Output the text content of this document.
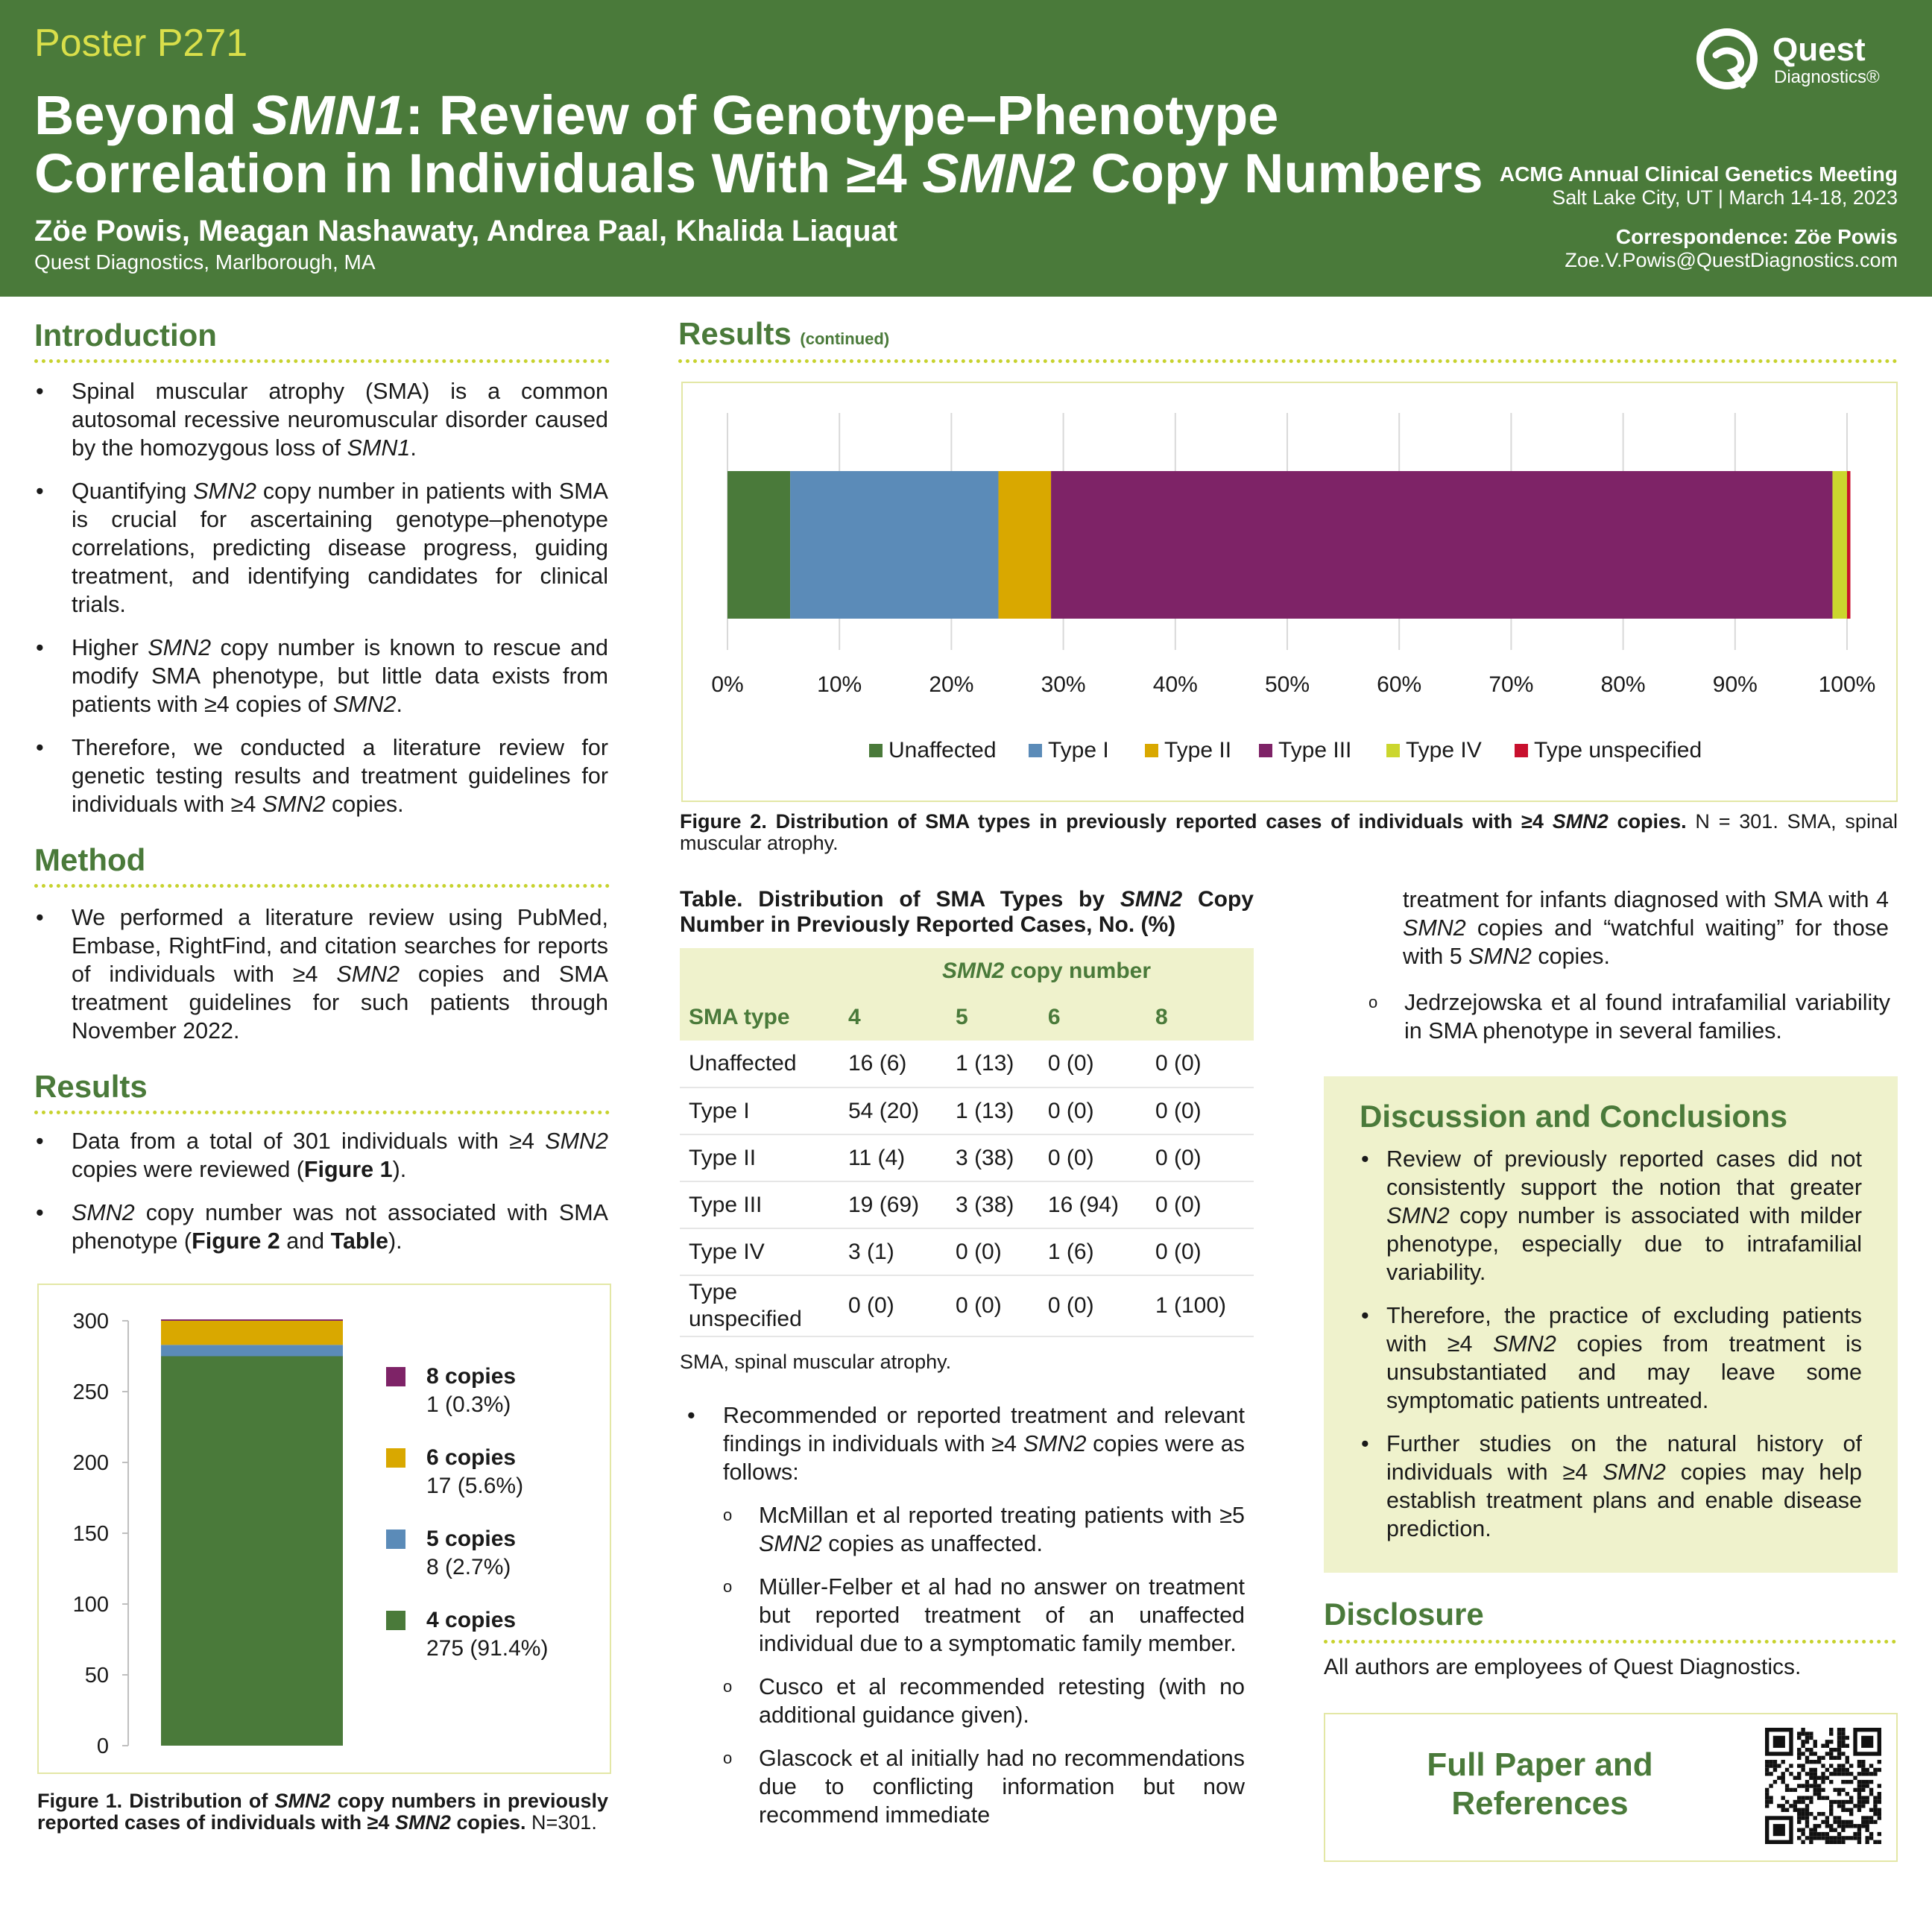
Poster P271
Beyond SMN1: Review of Genotype–Phenotype
Correlation in Individuals With ≥4 SMN2 Copy Numbers
Zöe Powis, Meagan Nashawaty, Andrea Paal, Khalida Liaquat
Quest Diagnostics, Marlborough, MA
Quest
Diagnostics®
ACMG Annual Clinical Genetics Meeting
Salt Lake City, UT | March 14-18, 2023
Correspondence: Zöe Powis
Zoe.V.Powis@QuestDiagnostics.com
Introduction
• Spinal muscular atrophy (SMA) is a common autosomal recessive neuromuscular disorder caused by the homozygous loss of SMN1.
• Quantifying SMN2 copy number in patients with SMA is crucial for ascertaining genotype–phenotype correlations, predicting disease progress, guiding treatment, and identifying candidates for clinical trials.
• Higher SMN2 copy number is known to rescue and modify SMA phenotype, but little data exists from patients with ≥4 copies of SMN2.
• Therefore, we conducted a literature review for genetic testing results and treatment guidelines for individuals with ≥4 SMN2 copies.
Method
• We performed a literature review using PubMed, Embase, RightFind, and citation searches for reports of individuals with ≥4 SMN2 copies and SMA treatment guidelines for such patients through November 2022.
Results
• Data from a total of 301 individuals with ≥4 SMN2 copies were reviewed (Figure 1).
• SMN2 copy number was not associated with SMA phenotype (Figure 2 and Table).
0
50
100
150
200
250
300
8 copies
1 (0.3%)
6 copies
17 (5.6%)
5 copies
8 (2.7%)
4 copies
275 (91.4%)
Figure 1. Distribution of SMN2 copy numbers in previously reported cases of individuals with ≥4 SMN2 copies. N=301.
Results (continued)
0%	10%	20%	30%	40%	50%	60%	70%	80%	90%	100%
Unaffected Type I Type II Type III Type IV Type unspecified
Figure 2. Distribution of SMA types in previously reported cases of individuals with ≥4 SMN2 copies. N = 301. SMA, spinal muscular atrophy.
Table. Distribution of SMA Types by SMN2 Copy Number in Previously Reported Cases, No. (%)
	SMN2 copy number			
SMA type	4	5	6	8
Unaffected	16 (6)	1 (13)	0 (0)	0 (0)
Type I	54 (20)	1 (13)	0 (0)	0 (0)
Type II	11 (4)	3 (38)	0 (0)	0 (0)
Type III	19 (69)	3 (38)	16 (94)	0 (0)
Type IV	3 (1)	0 (0)	1 (6)	0 (0)
Type unspecified	0 (0)	0 (0)	0 (0)	1 (100)
SMA, spinal muscular atrophy.
• Recommended or reported treatment and relevant findings in individuals with ≥4 SMN2 copies were as follows:
o McMillan et al reported treating patients with ≥5 SMN2 copies as unaffected.
o Müller-Felber et al had no answer on treatment but reported treatment of an unaffected individual due to a symptomatic family member.
o Cusco et al recommended retesting (with no additional guidance given).
o Glascock et al initially had no recommendations due to conflicting information but now recommend immediate
treatment for infants diagnosed with SMA with 4 SMN2 copies and “watchful waiting” for those with 5 SMN2 copies.
o Jedrzejowska et al found intrafamilial variability in SMA phenotype in several families.
Discussion and Conclusions
• Review of previously reported cases did not consistently support the notion that greater SMN2 copy number is associated with milder phenotype, especially due to intrafamilial variability.
• Therefore, the practice of excluding patients with ≥4 SMN2 copies from treatment is unsubstantiated and may leave some symptomatic patients untreated.
• Further studies on the natural history of individuals with ≥4 SMN2 copies may help establish treatment plans and enable disease prediction.
Disclosure
All authors are employees of Quest Diagnostics.
Full Paper and
References
